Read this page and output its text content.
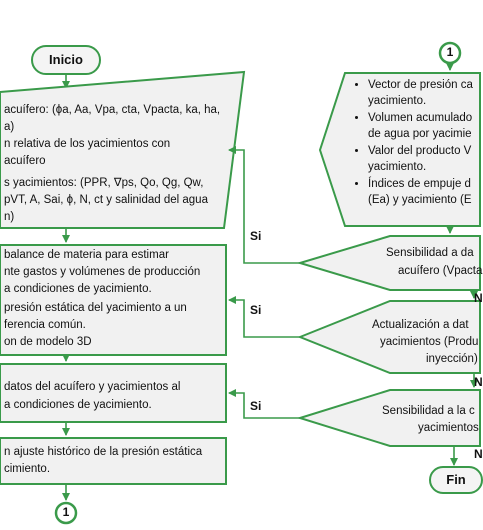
Inicio
acuífero: (ϕa, Aa, Vpa, cta, Vpacta, ka, ha,
a)
n relativa de los yacimientos con
acuífero
s yacimientos: (PPR, ∇ps, Qo, Qg, Qw,
pVT, A, Sai, ϕ, N, ct y salinidad del agua
n)
balance de materia para estimar
nte gastos y volúmenes de producción
a condiciones de yacimiento.
presión estática del yacimiento a un
ferencia común.
on de modelo 3D
datos del acuífero y yacimientos al
a condiciones de yacimiento.
n ajuste histórico de la presión estática
cimiento.
1
1
• Vector de presión ca
yacimiento.
• Volumen acumulado
de agua por yacimie
• Valor del producto V
yacimiento.
• Índices de empuje d
(Ea) y yacimiento (E
Sensibilidad a da
acuífero (Vpacta
Actualización a dat
yacimientos (Produ
inyección)
Sensibilidad a la c
yacimientos
Fin
Si
Si
Si
N
N
N
